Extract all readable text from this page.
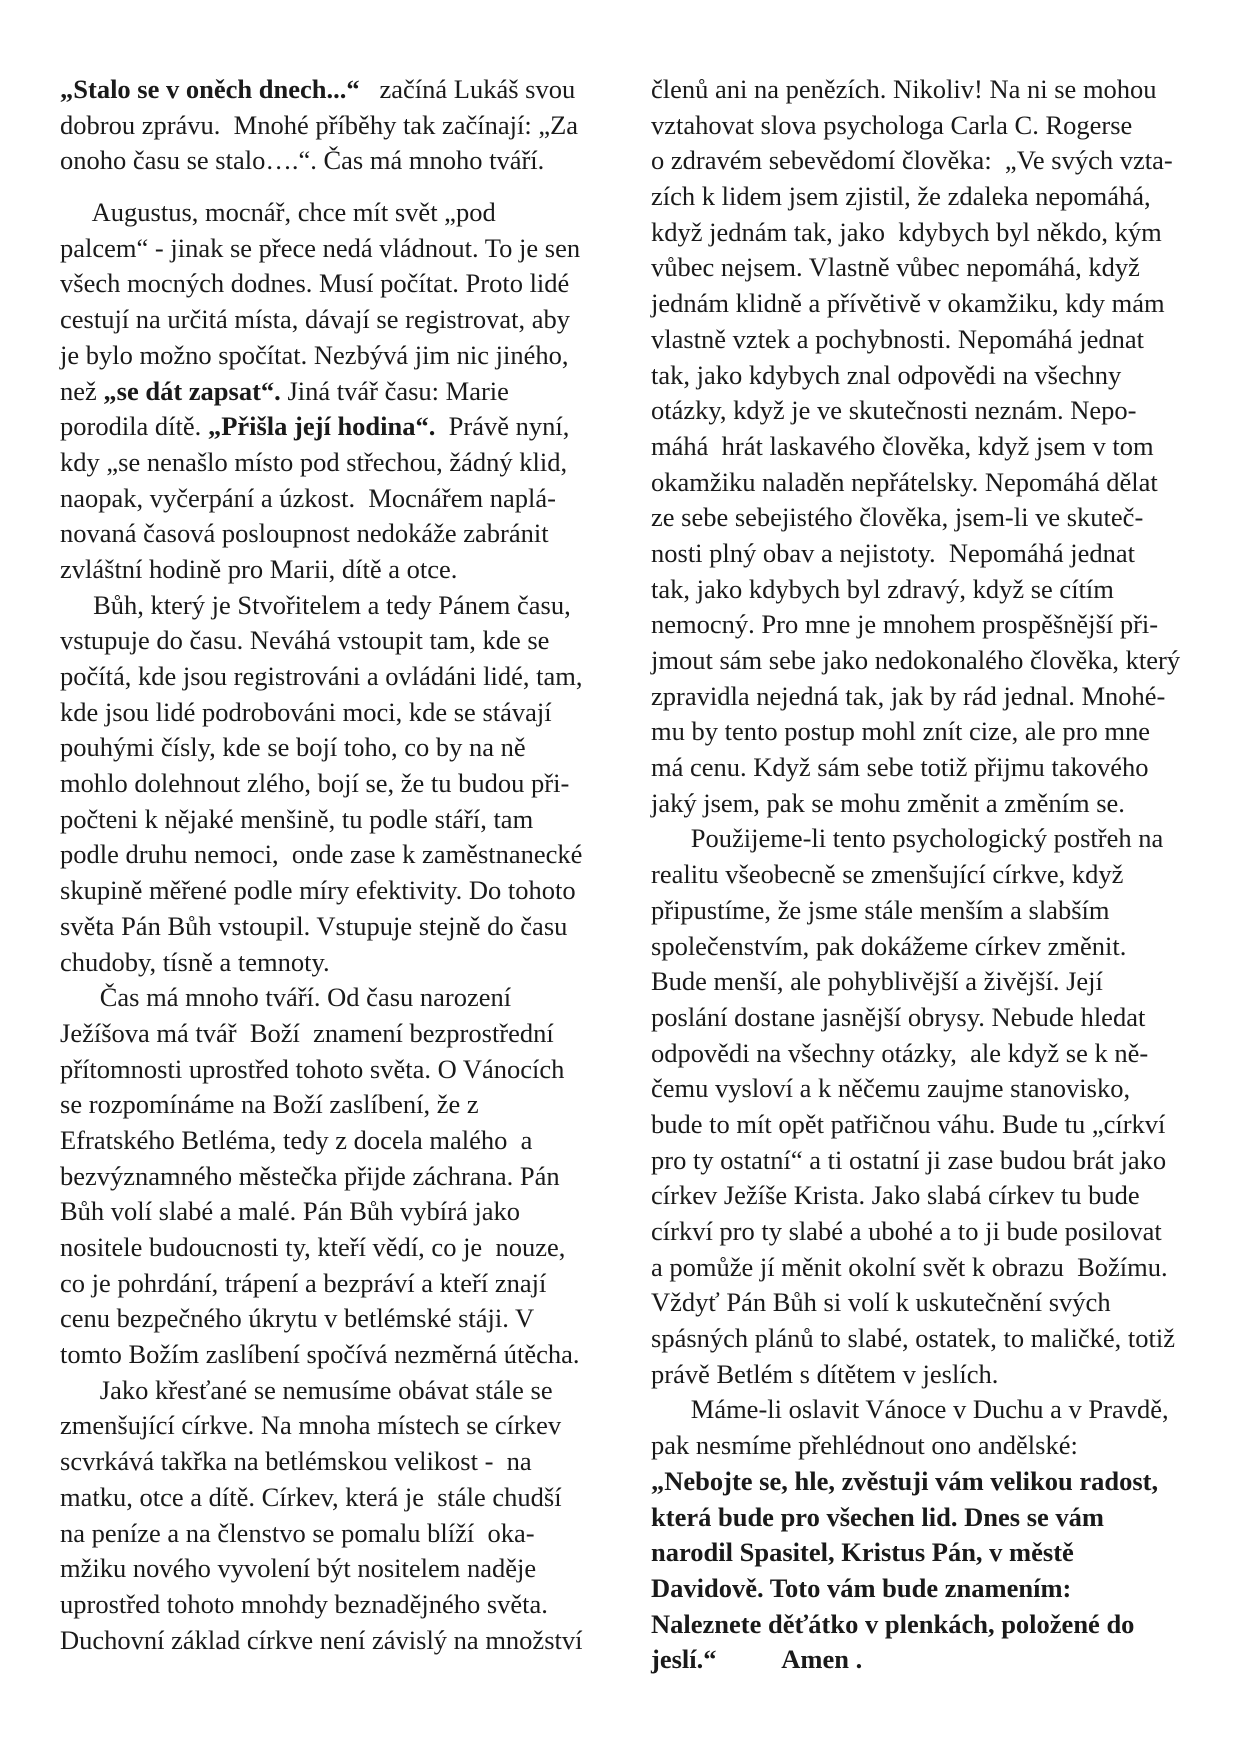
„Stalo se v oněch dnech...“   začíná Lukáš svou
dobrou zprávu.  Mnohé příběhy tak začínají: „Za
onoho času se stalo….“. Čas má mnoho tváří.
Augustus, mocnář, chce mít svět „pod
palcem“ - jinak se přece nedá vládnout. To je sen
všech mocných dodnes. Musí počítat. Proto lidé
cestují na určitá místa, dávají se registrovat, aby
je bylo možno spočítat. Nezbývá jim nic jiného,
než „se dát zapsat“. Jiná tvář času: Marie
porodila dítě. „Přišla její hodina“.  Právě nyní,
kdy „se nenašlo místo pod střechou, žádný klid,
naopak, vyčerpání a úzkost.  Mocnářem naplá-
novaná časová posloupnost nedokáže zabránit
zvláštní hodině pro Marii, dítě a otce.
Bůh, který je Stvořitelem a tedy Pánem času,
vstupuje do času. Neváhá vstoupit tam, kde se
počítá, kde jsou registrováni a ovládáni lidé, tam,
kde jsou lidé podrobováni moci, kde se stávají
pouhými čísly, kde se bojí toho, co by na ně
mohlo dolehnout zlého, bojí se, že tu budou při-
počteni k nějaké menšině, tu podle stáří, tam
podle druhu nemoci,  onde zase k zaměstnanecké
skupině měřené podle míry efektivity. Do tohoto
světa Pán Bůh vstoupil. Vstupuje stejně do času
chudoby, tísně a temnoty.
Čas má mnoho tváří. Od času narození
Ježíšova má tvář  Boží  znamení bezprostřední
přítomnosti uprostřed tohoto světa. O Vánocích
se rozpomínáme na Boží zaslíbení, že z
Efratského Betléma, tedy z docela malého  a
bezvýznamného městečka přijde záchrana. Pán
Bůh volí slabé a malé. Pán Bůh vybírá jako
nositele budoucnosti ty, kteří vědí, co je  nouze,
co je pohrdání, trápení a bezpráví a kteří znají
cenu bezpečného úkrytu v betlémské stáji. V
tomto Božím zaslíbení spočívá nezměrná útěcha.
Jako křesťané se nemusíme obávat stále se
zmenšující církve. Na mnoha místech se církev
scvrkává takřka na betlémskou velikost -  na
matku, otce a dítě. Církev, která je  stále chudší
na peníze a na členstvo se pomalu blíží  oka-
mžiku nového vyvolení být nositelem naděje
uprostřed tohoto mnohdy beznadějného světa.
Duchovní základ církve není závislý na množství
členů ani na penězích. Nikoliv! Na ni se mohou
vztahovat slova psychologa Carla C. Rogerse
o zdravém sebevědomí člověka:  „Ve svých vzta-
zích k lidem jsem zjistil, že zdaleka nepomáhá,
když jednám tak, jako  kdybych byl někdo, kým
vůbec nejsem. Vlastně vůbec nepomáhá, když
jednám klidně a přívětivě v okamžiku, kdy mám
vlastně vztek a pochybnosti. Nepomáhá jednat
tak, jako kdybych znal odpovědi na všechny
otázky, když je ve skutečnosti neznám. Nepo-
máhá  hrát laskavého člověka, když jsem v tom
okamžiku naladěn nepřátelsky. Nepomáhá dělat
ze sebe sebejistého člověka, jsem-li ve skuteč-
nosti plný obav a nejistoty.  Nepomáhá jednat
tak, jako kdybych byl zdravý, když se cítím
nemocný. Pro mne je mnohem prospěšnější při-
jmout sám sebe jako nedokonalého člověka, který
zpravidla nejedná tak, jak by rád jednal. Mnohé-
mu by tento postup mohl znít cize, ale pro mne
má cenu. Když sám sebe totiž přijmu takového
jaký jsem, pak se mohu změnit a změním se.
Použijeme-li tento psychologický postřeh na
realitu všeobecně se zmenšující církve, když
připustíme, že jsme stále menším a slabším
společenstvím, pak dokážeme církev změnit.
Bude menší, ale pohyblivější a živější. Její
poslání dostane jasnější obrysy. Nebude hledat
odpovědi na všechny otázky,  ale když se k ně-
čemu vysloví a k něčemu zaujme stanovisko,
bude to mít opět patřičnou váhu. Bude tu „církví
pro ty ostatní“ a ti ostatní ji zase budou brát jako
církev Ježíše Krista. Jako slabá církev tu bude
církví pro ty slabé a ubohé a to ji bude posilovat
a pomůže jí měnit okolní svět k obrazu  Božímu.
Vždyť Pán Bůh si volí k uskutečnění svých
spásných plánů to slabé, ostatek, to maličké, totiž
právě Betlém s dítětem v jeslích.
Máme-li oslavit Vánoce v Duchu a v Pravdě,
pak nesmíme přehlédnout ono andělské:
„Nebojte se, hle, zvěstuji vám velikou radost,
která bude pro všechen lid. Dnes se vám
narodil Spasitel, Kristus Pán, v městě
Davidově. Toto vám bude znamením:
Naleznete děťátko v plenkách, položené do
jeslí.“          Amen .
